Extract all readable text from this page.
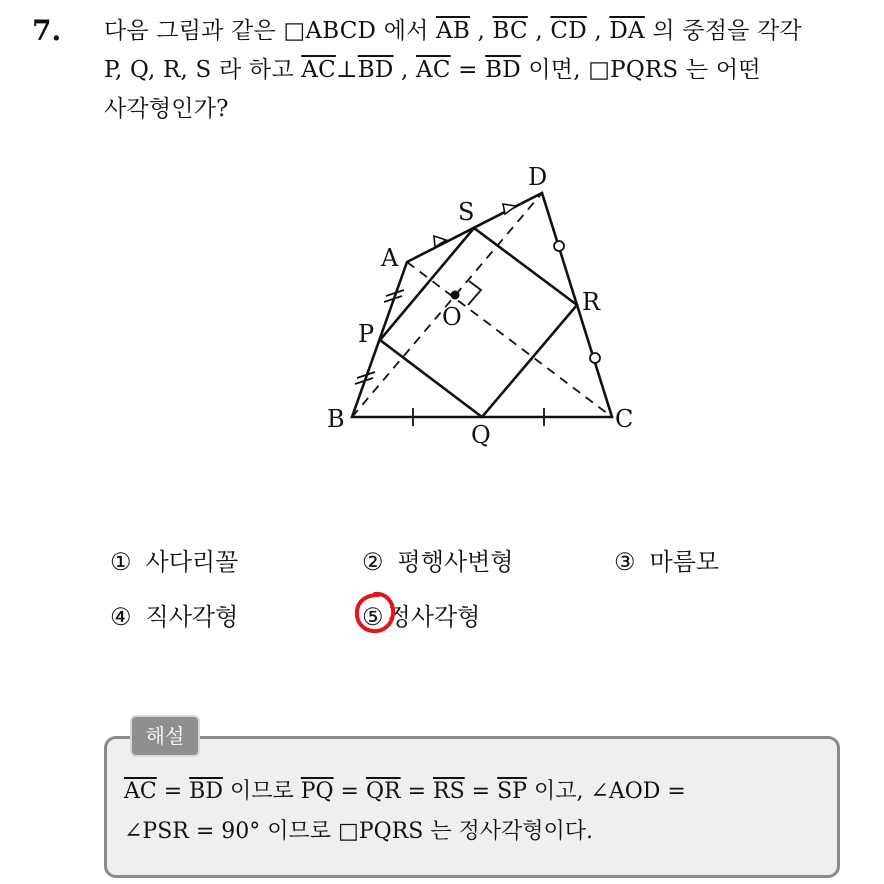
7. 다음 그림과 같은 □ABCD 에서 $\overline{AB}$ , $\overline{BC}$ , $\overline{CD}$ , $\overline{DA}$ 의 중점을 각각
P, Q, R, S 라 하고 $\overline{AC}\perp\overline{BD}$ , $\overline{AC} = \overline{BD}$ 이면, □PQRS 는 어떤
사각형인가?
A
B	C
D
P
Q
R
S
O
① 사다리꼴	② 평행사변형	③ 마름모
④ 직사각형	⑤ 정사각형
해설
$\overline{AC} = \overline{BD}$ 이므로 $\overline{PQ} = \overline{QR} = \overline{RS} = \overline{SP}$ 이고, ∠AOD =
∠PSR = 90° 이므로 □PQRS 는 정사각형이다.
